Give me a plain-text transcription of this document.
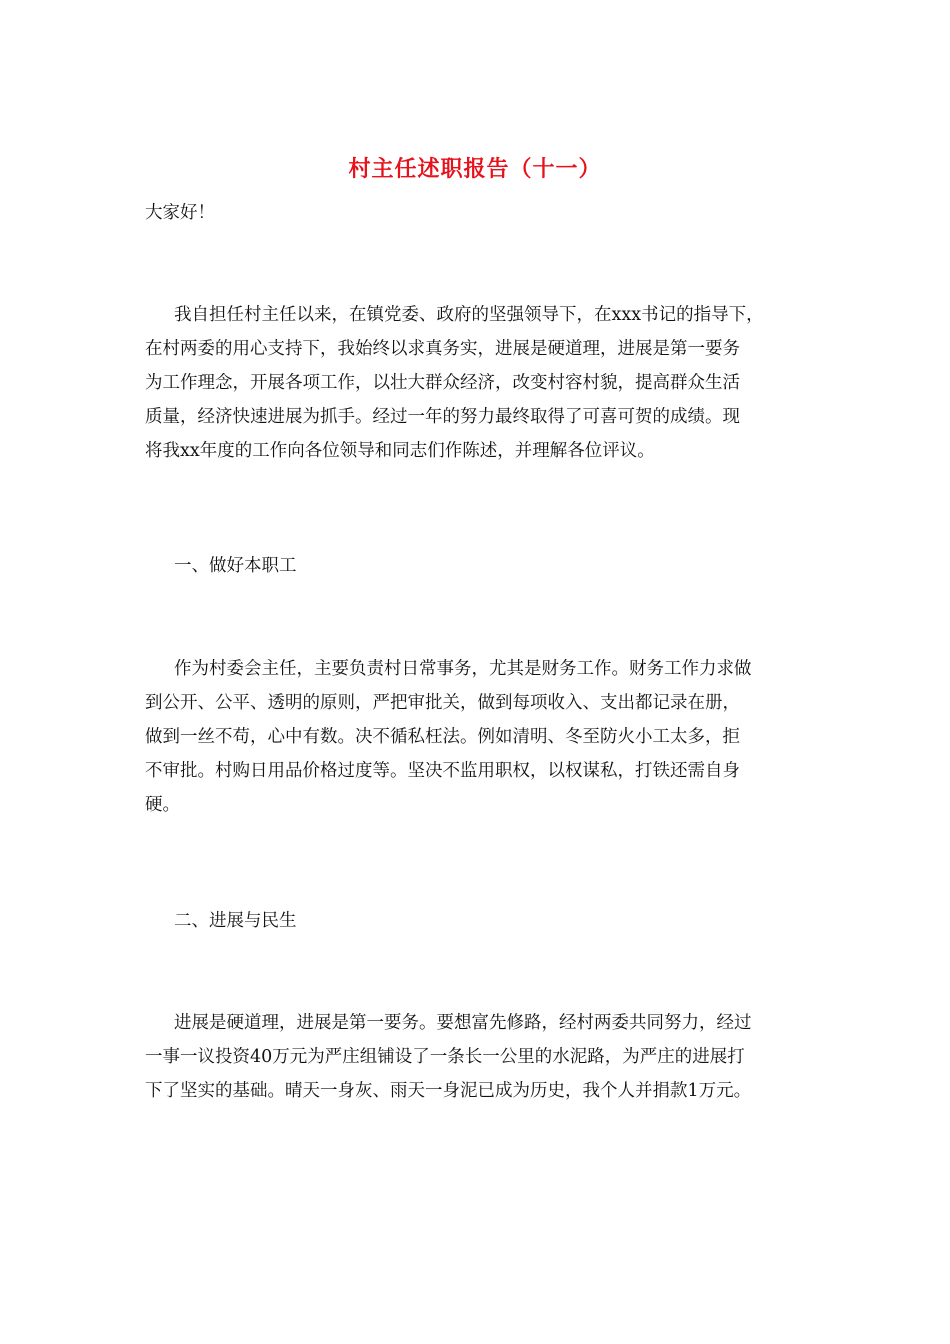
村主任述职报告（十一）
大家好！
我自担任村主任以来，在镇党委、政府的坚强领导下，在xxx书记的指导下，
在村两委的用心支持下，我始终以求真务实，进展是硬道理，进展是第一要务
为工作理念，开展各项工作，以壮大群众经济，改变村容村貌，提高群众生活
质量，经济快速进展为抓手。经过一年的努力最终取得了可喜可贺的成绩。现
将我xx年度的工作向各位领导和同志们作陈述，并理解各位评议。
一、做好本职工
作为村委会主任，主要负责村日常事务，尤其是财务工作。财务工作力求做
到公开、公平、透明的原则，严把审批关，做到每项收入、支出都记录在册，
做到一丝不苟，心中有数。决不循私枉法。例如清明、冬至防火小工太多，拒
不审批。村购日用品价格过度等。坚决不监用职权，以权谋私，打铁还需自身
硬。
二、进展与民生
进展是硬道理，进展是第一要务。要想富先修路，经村两委共同努力，经过
一事一议投资40万元为严庄组铺设了一条长一公里的水泥路，为严庄的进展打
下了坚实的基础。晴天一身灰、雨天一身泥已成为历史，我个人并捐款1万元。
